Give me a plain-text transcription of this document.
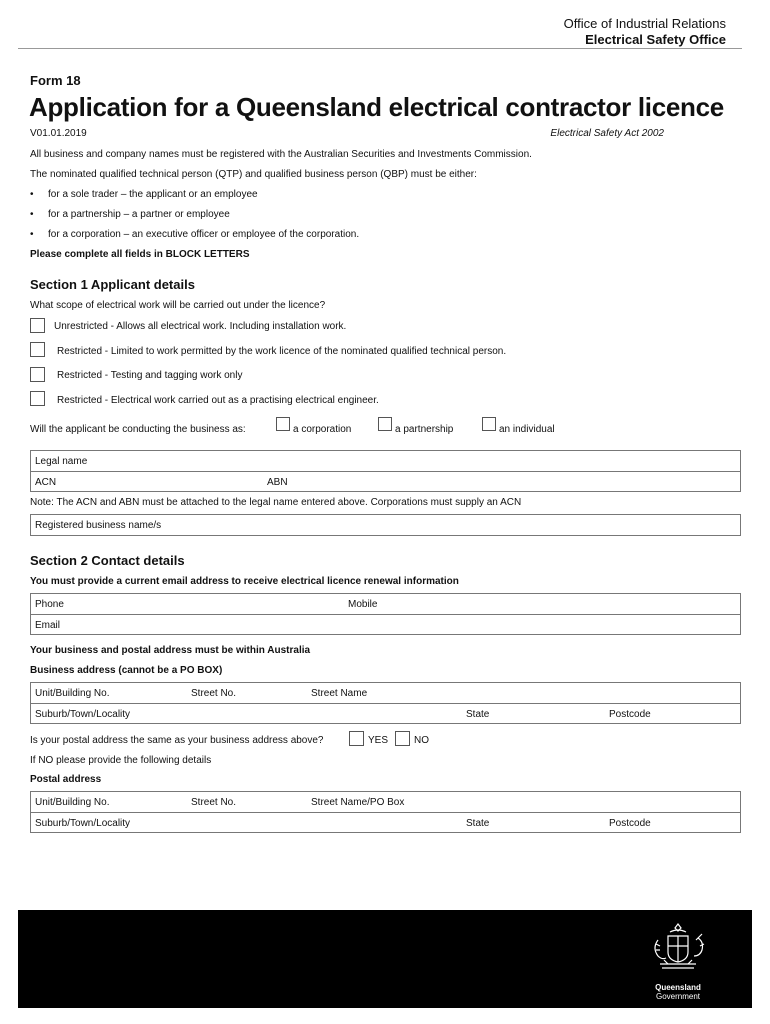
Office of Industrial Relations
Electrical Safety Office
Form 18
Application for a Queensland electrical contractor licence
V01.01.2019	Electrical Safety Act 2002
All business and company names must be registered with the Australian Securities and Investments Commission.
The nominated qualified technical person (QTP) and qualified business person (QBP) must be either:
• for a sole trader – the applicant or an employee
• for a partnership – a partner or employee
• for a corporation – an executive officer or employee of the corporation.
Please complete all fields in BLOCK LETTERS
Section 1 Applicant details
What scope of electrical work will be carried out under the licence?
Unrestricted - Allows all electrical work. Including installation work.
Restricted - Limited to work permitted by the work licence of the nominated qualified technical person.
Restricted - Testing and tagging work only
Restricted - Electrical work carried out as a practising electrical engineer.
Will the applicant be conducting the business as:	a corporation	a partnership	an individual
Legal name
ACN	ABN
Note: The ACN and ABN must be attached to the legal name entered above. Corporations must supply an ACN
Registered business name/s
Section 2 Contact details
You must provide a current email address to receive electrical licence renewal information
Phone	Mobile
Email
Your business and postal address must be within Australia
Business address (cannot be a PO BOX)
Unit/Building No.	Street No.	Street Name
Suburb/Town/Locality	State	Postcode
Is your postal address the same as your business address above?	YES	NO
If NO please provide the following details
Postal address
Unit/Building No.	Street No.	Street Name/PO Box
Suburb/Town/Locality	State	Postcode
Queensland
Government
